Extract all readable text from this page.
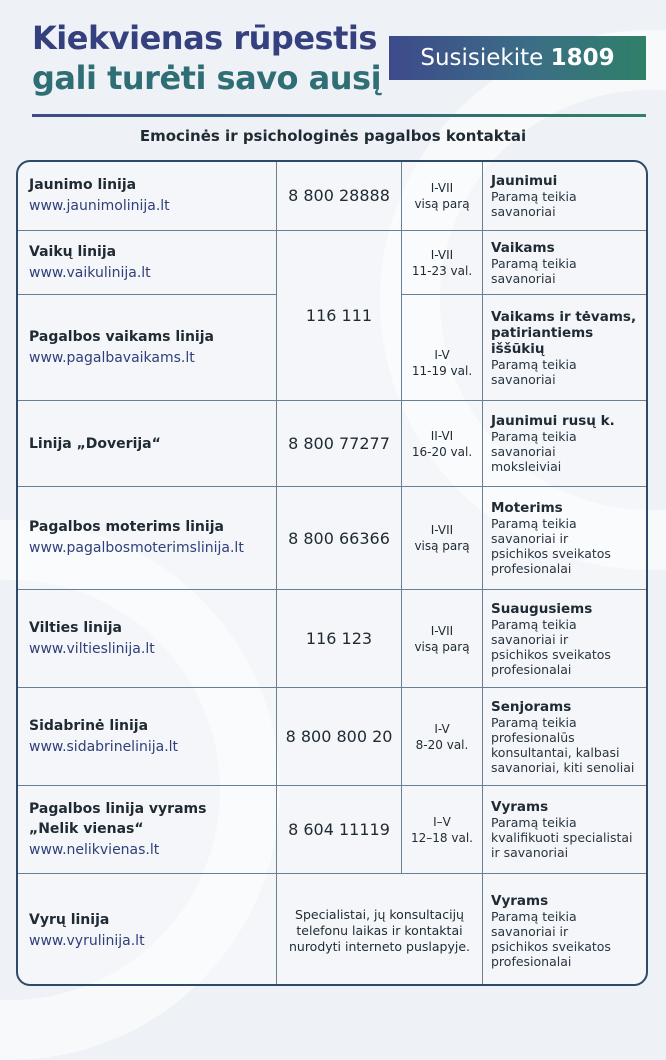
Kiekvienas rūpestis
gali turėti savo ausį
Susisiekite 1809
Emocinės ir psichologinės pagalbos kontaktai
Jaunimo linija
www.jaunimolinija.lt	8 800 28888	I-VII
visą parą	Jaunimui
Paramą teikia
savanoriai

Vaikų linija
www.vaikulinija.lt	116 111	I-VII
11-23 val.	Vaikams
Paramą teikia
savanoriai

Pagalbos vaikams linija
www.pagalbavaikams.lt		I-V
11-19 val.	Vaikams ir tėvams,
patiriantiems
iššūkių
Paramą teikia
savanoriai

Linija „Doverija“	8 800 77277	II-VI
16-20 val.	Jaunimui rusų k.
Paramą teikia
savanoriai
moksleiviai

Pagalbos moterims linija
www.pagalbosmoterimslinija.lt	8 800 66366	I-VII
visą parą	Moterims
Paramą teikia
savanoriai ir
psichikos sveikatos
profesionalai

Vilties linija
www.viltieslinija.lt	116 123	I-VII
visą parą	Suaugusiems
Paramą teikia
savanoriai ir
psichikos sveikatos
profesionalai

Sidabrinė linija
www.sidabrinelinija.lt	8 800 800 20	I-V
8-20 val.	Senjorams
Paramą teikia
profesionalūs
konsultantai, kalbasi
savanoriai, kiti senoliai

Pagalbos linija vyrams
„Nelik vienas“
www.nelikvienas.lt	8 604 11119	I–V
12–18 val.	Vyrams
Paramą teikia
kvalifikuoti specialistai
ir savanoriai

Vyrų linija
www.vyrulinija.lt	Specialistai, jų konsultacijų
telefonu laikas ir kontaktai
nurodyti interneto puslapyje.		Vyrams
Paramą teikia
savanoriai ir
psichikos sveikatos
profesionalai
